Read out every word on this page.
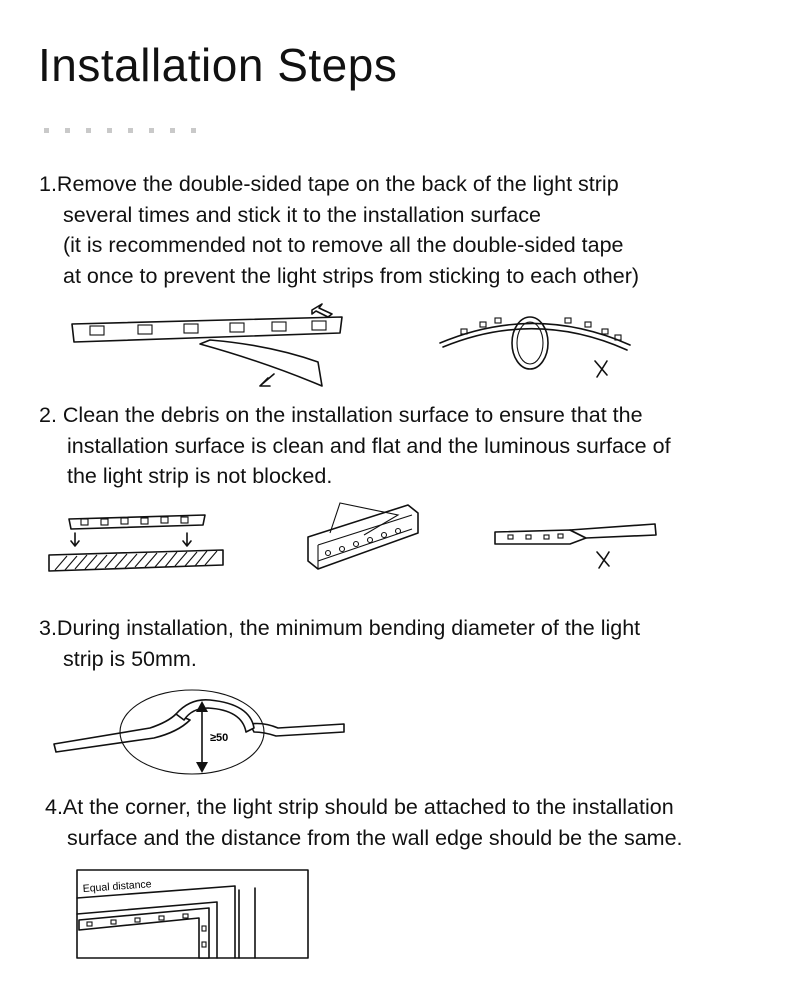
Installation Steps

1.Remove the double-sided tape on the back of the light strip

several times and stick it to the installation surface

(it is recommended not to remove all the double-sided tape

at once to prevent the light strips from sticking to each other)

2. Clean the debris on the installation surface to ensure that the

installation surface is clean and flat and the luminous surface of

the light strip is not blocked.

3.During installation, the minimum bending diameter of the light

strip is 50mm.

≥50

4.At the corner, the light strip should be attached to the installation

surface and the distance from the wall edge should be the same.

Equal distance
